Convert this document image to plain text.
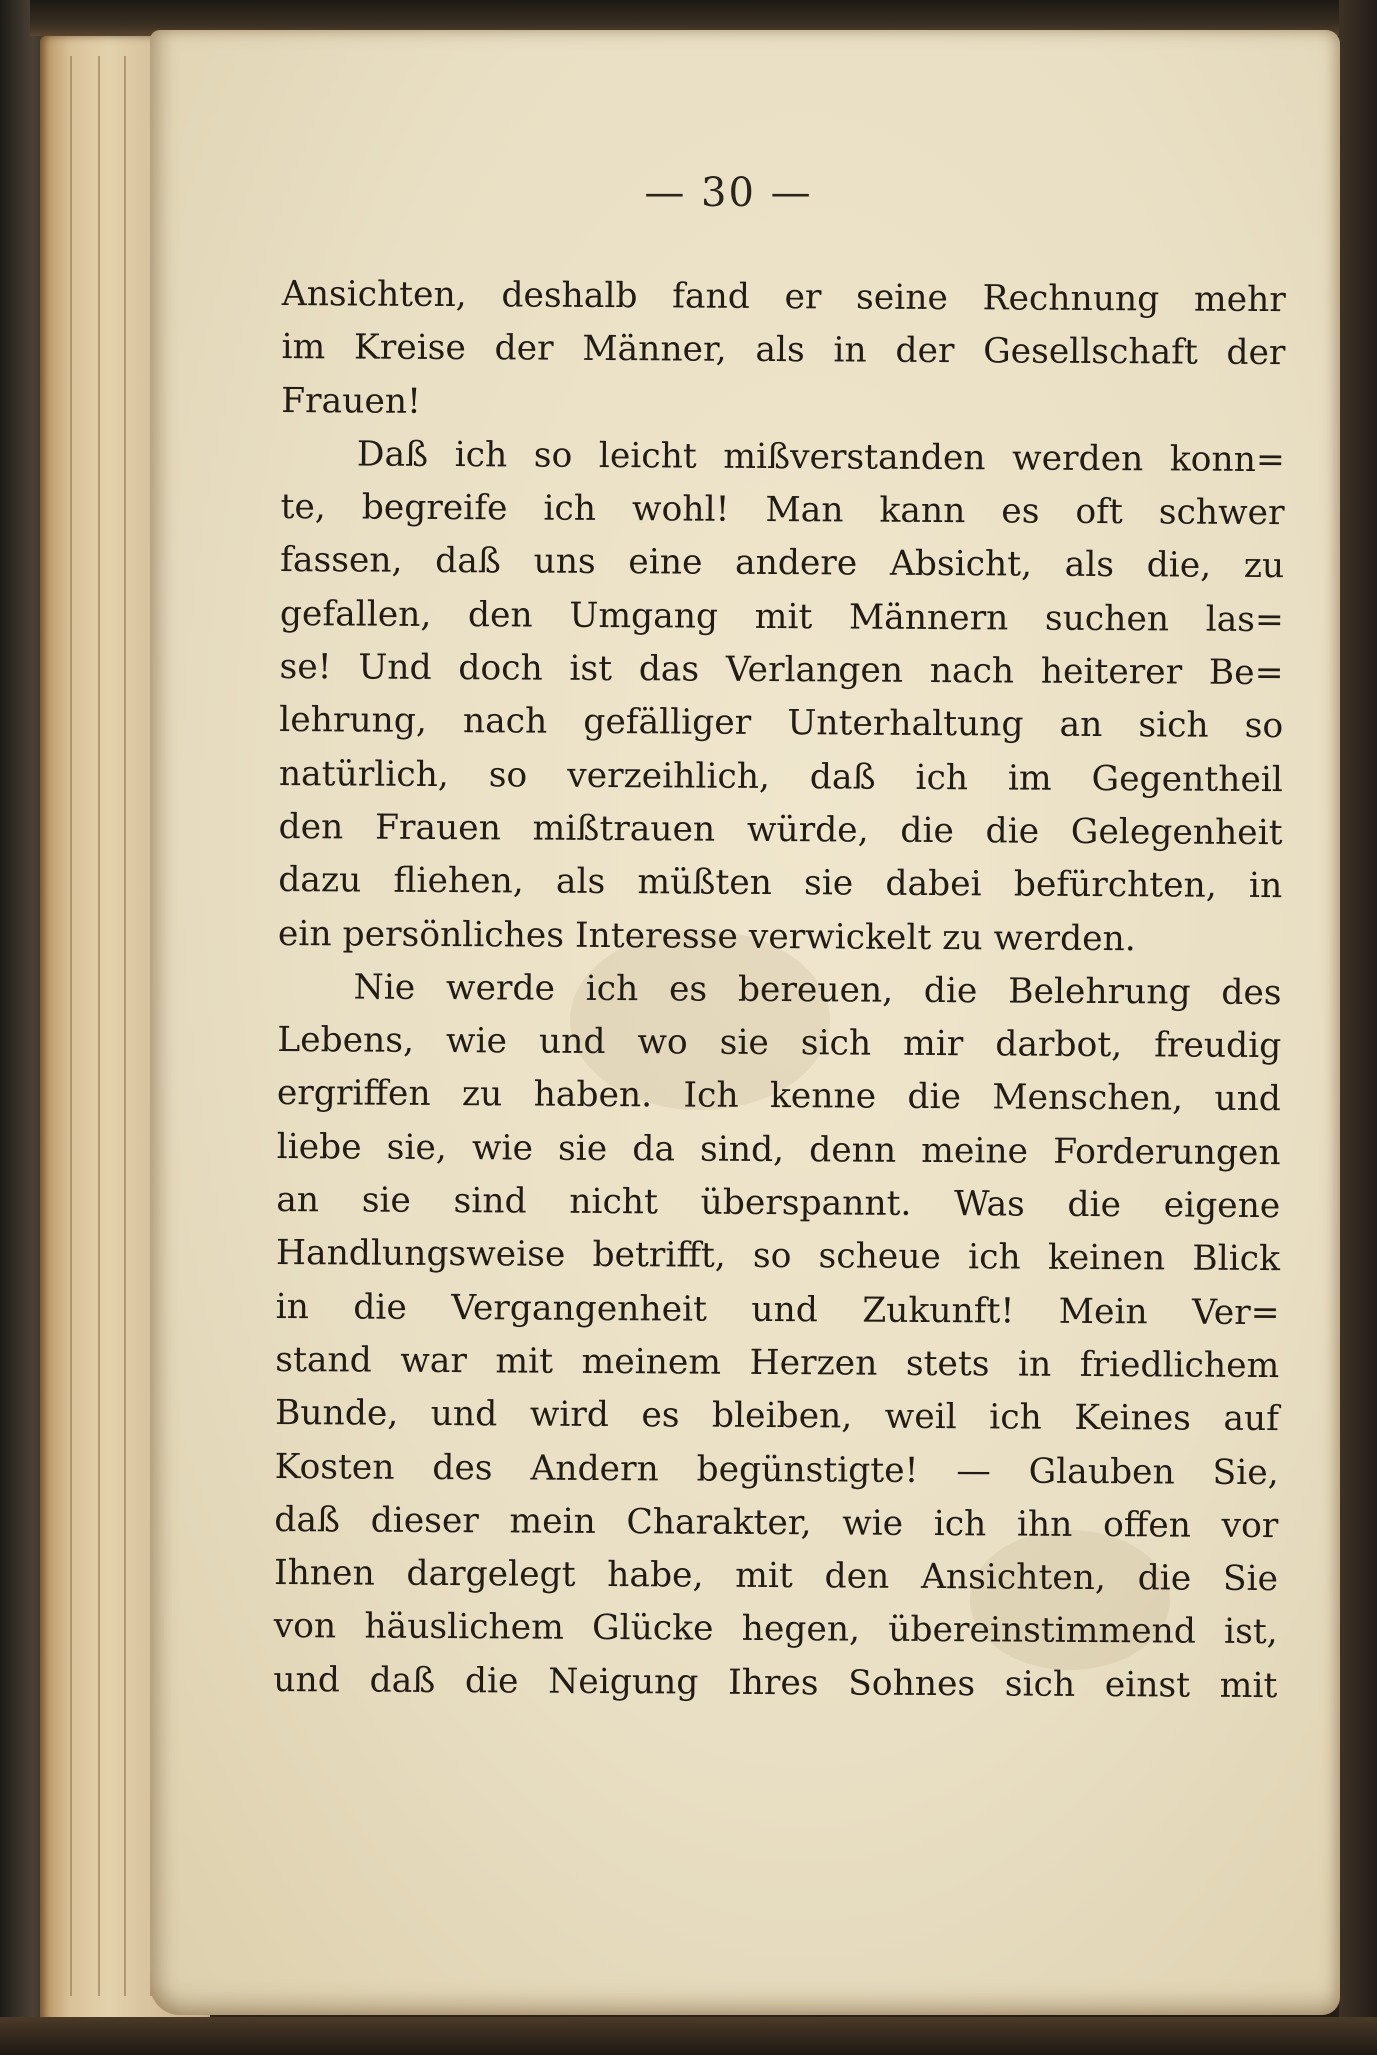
— 30 —
Ansichten, deshalb fand er seine Rechnung mehr
im Kreise der Männer, als in der Gesellschaft der
Frauen!
Daß ich so leicht mißverstanden werden konn=
te, begreife ich wohl! Man kann es oft schwer
fassen, daß uns eine andere Absicht, als die, zu
gefallen, den Umgang mit Männern suchen las=
se! Und doch ist das Verlangen nach heiterer Be=
lehrung, nach gefälliger Unterhaltung an sich so
natürlich, so verzeihlich, daß ich im Gegentheil
den Frauen mißtrauen würde, die die Gelegenheit
dazu fliehen, als müßten sie dabei befürchten, in
ein persönliches Interesse verwickelt zu werden.
Nie werde ich es bereuen, die Belehrung des
Lebens, wie und wo sie sich mir darbot, freudig
ergriffen zu haben. Ich kenne die Menschen, und
liebe sie, wie sie da sind, denn meine Forderungen
an sie sind nicht überspannt. Was die eigene
Handlungsweise betrifft, so scheue ich keinen Blick
in die Vergangenheit und Zukunft! Mein Ver=
stand war mit meinem Herzen stets in friedlichem
Bunde, und wird es bleiben, weil ich Keines auf
Kosten des Andern begünstigte! — Glauben Sie,
daß dieser mein Charakter, wie ich ihn offen vor
Ihnen dargelegt habe, mit den Ansichten, die Sie
von häuslichem Glücke hegen, übereinstimmend ist,
und daß die Neigung Ihres Sohnes sich einst mit
